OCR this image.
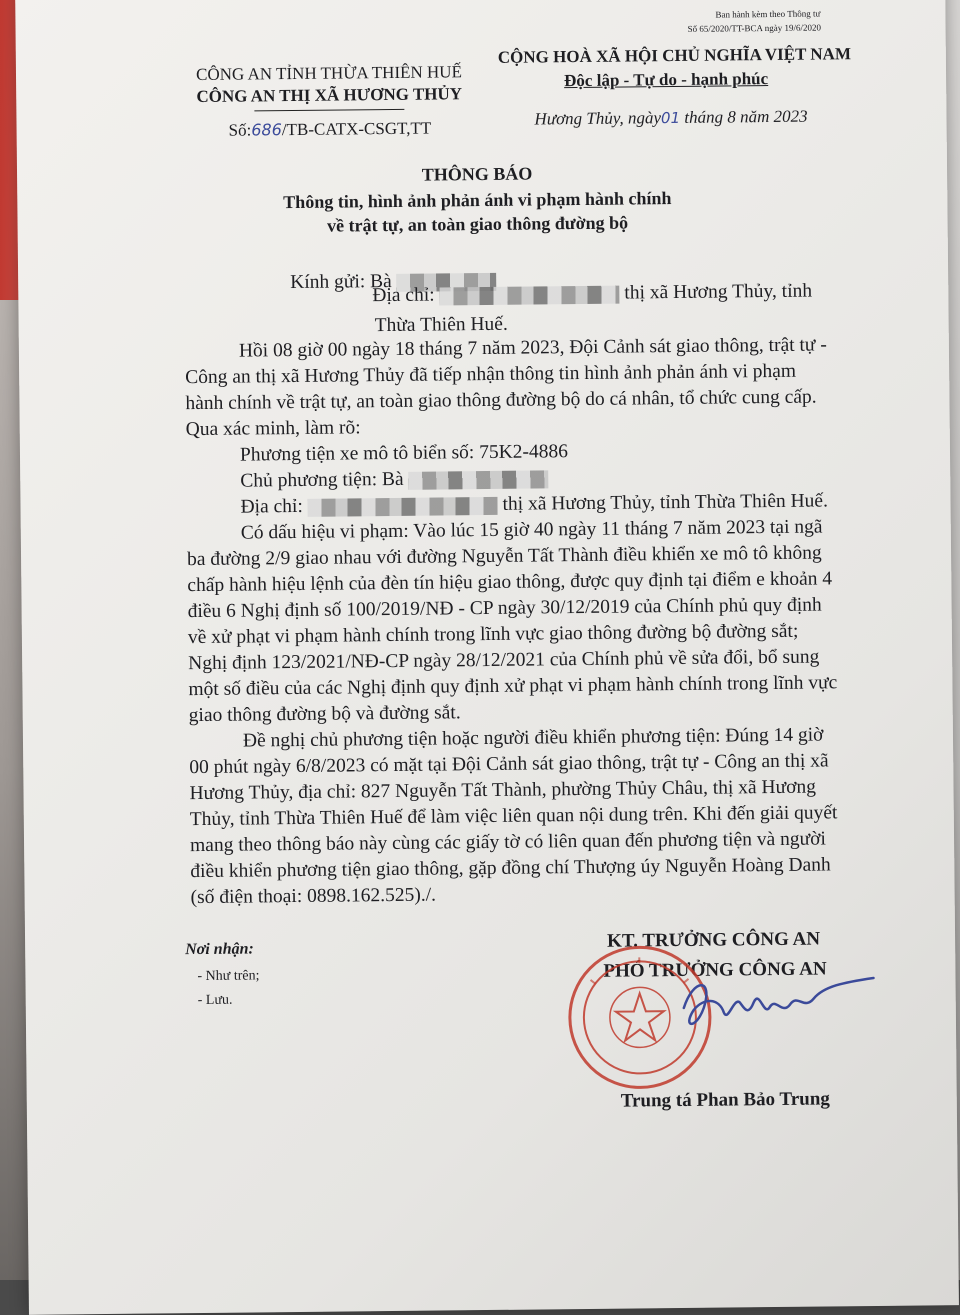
Ban hành kèm theo Thông tư
Số 65/2020/TT-BCA ngày 19/6/2020
CÔNG AN TỈNH THỪA THIÊN HUẾ
CÔNG AN THỊ XÃ HƯƠNG THỦY
Số:686/TB-CATX-CSGT,TT
CỘNG HOÀ XÃ HỘI CHỦ NGHĨA VIỆT NAM
Độc lập - Tự do - hạnh phúc
Hương Thủy, ngày01 tháng 8 năm 2023
THÔNG BÁO
Thông tin, hình ảnh phản ánh vi phạm hành chính
về trật tự, an toàn giao thông đường bộ
Kính gửi: Bà
Địa chỉ:	thị xã Hương Thủy, tỉnh
Thừa Thiên Huế.
Hồi 08 giờ 00 ngày 18 tháng 7 năm 2023, Đội Cảnh sát giao thông, trật tự -
Công an thị xã Hương Thủy đã tiếp nhận thông tin hình ảnh phản ánh vi phạm
hành chính về trật tự, an toàn giao thông đường bộ do cá nhân, tổ chức cung cấp.
Qua xác minh, làm rõ:
Phương tiện xe mô tô biển số: 75K2-4886
Chủ phương tiện: Bà
Địa chỉ:	thị xã Hương Thủy, tỉnh Thừa Thiên Huế.
Có dấu hiệu vi phạm: Vào lúc 15 giờ 40 ngày 11 tháng 7 năm 2023 tại ngã
ba đường 2/9 giao nhau với đường Nguyễn Tất Thành điều khiển xe mô tô không
chấp hành hiệu lệnh của đèn tín hiệu giao thông, được quy định tại điểm e khoản 4
điều 6 Nghị định số 100/2019/NĐ - CP ngày 30/12/2019 của Chính phủ quy định
về xử phạt vi phạm hành chính trong lĩnh vực giao thông đường bộ đường sắt;
Nghị định 123/2021/NĐ-CP ngày 28/12/2021 của Chính phủ về sửa đổi, bổ sung
một số điều của các Nghị định quy định xử phạt vi phạm hành chính trong lĩnh vực
giao thông đường bộ và đường sắt.
Đề nghị chủ phương tiện hoặc người điều khiển phương tiện: Đúng 14 giờ
00 phút ngày 6/8/2023 có mặt tại Đội Cảnh sát giao thông, trật tự - Công an thị xã
Hương Thủy, địa chỉ: 827 Nguyễn Tất Thành, phường Thủy Châu, thị xã Hương
Thủy, tỉnh Thừa Thiên Huế để làm việc liên quan nội dung trên. Khi đến giải quyết
mang theo thông báo này cùng các giấy tờ có liên quan đến phương tiện và người
điều khiển phương tiện giao thông, gặp đồng chí Thượng úy Nguyễn Hoàng Danh
(số điện thoại: 0898.162.525)./.
Nơi nhận:
- Như trên;
- Lưu.
KT. TRƯỞNG CÔNG AN
PHÓ TRƯỞNG CÔNG AN
Trung tá Phan Bảo Trung
